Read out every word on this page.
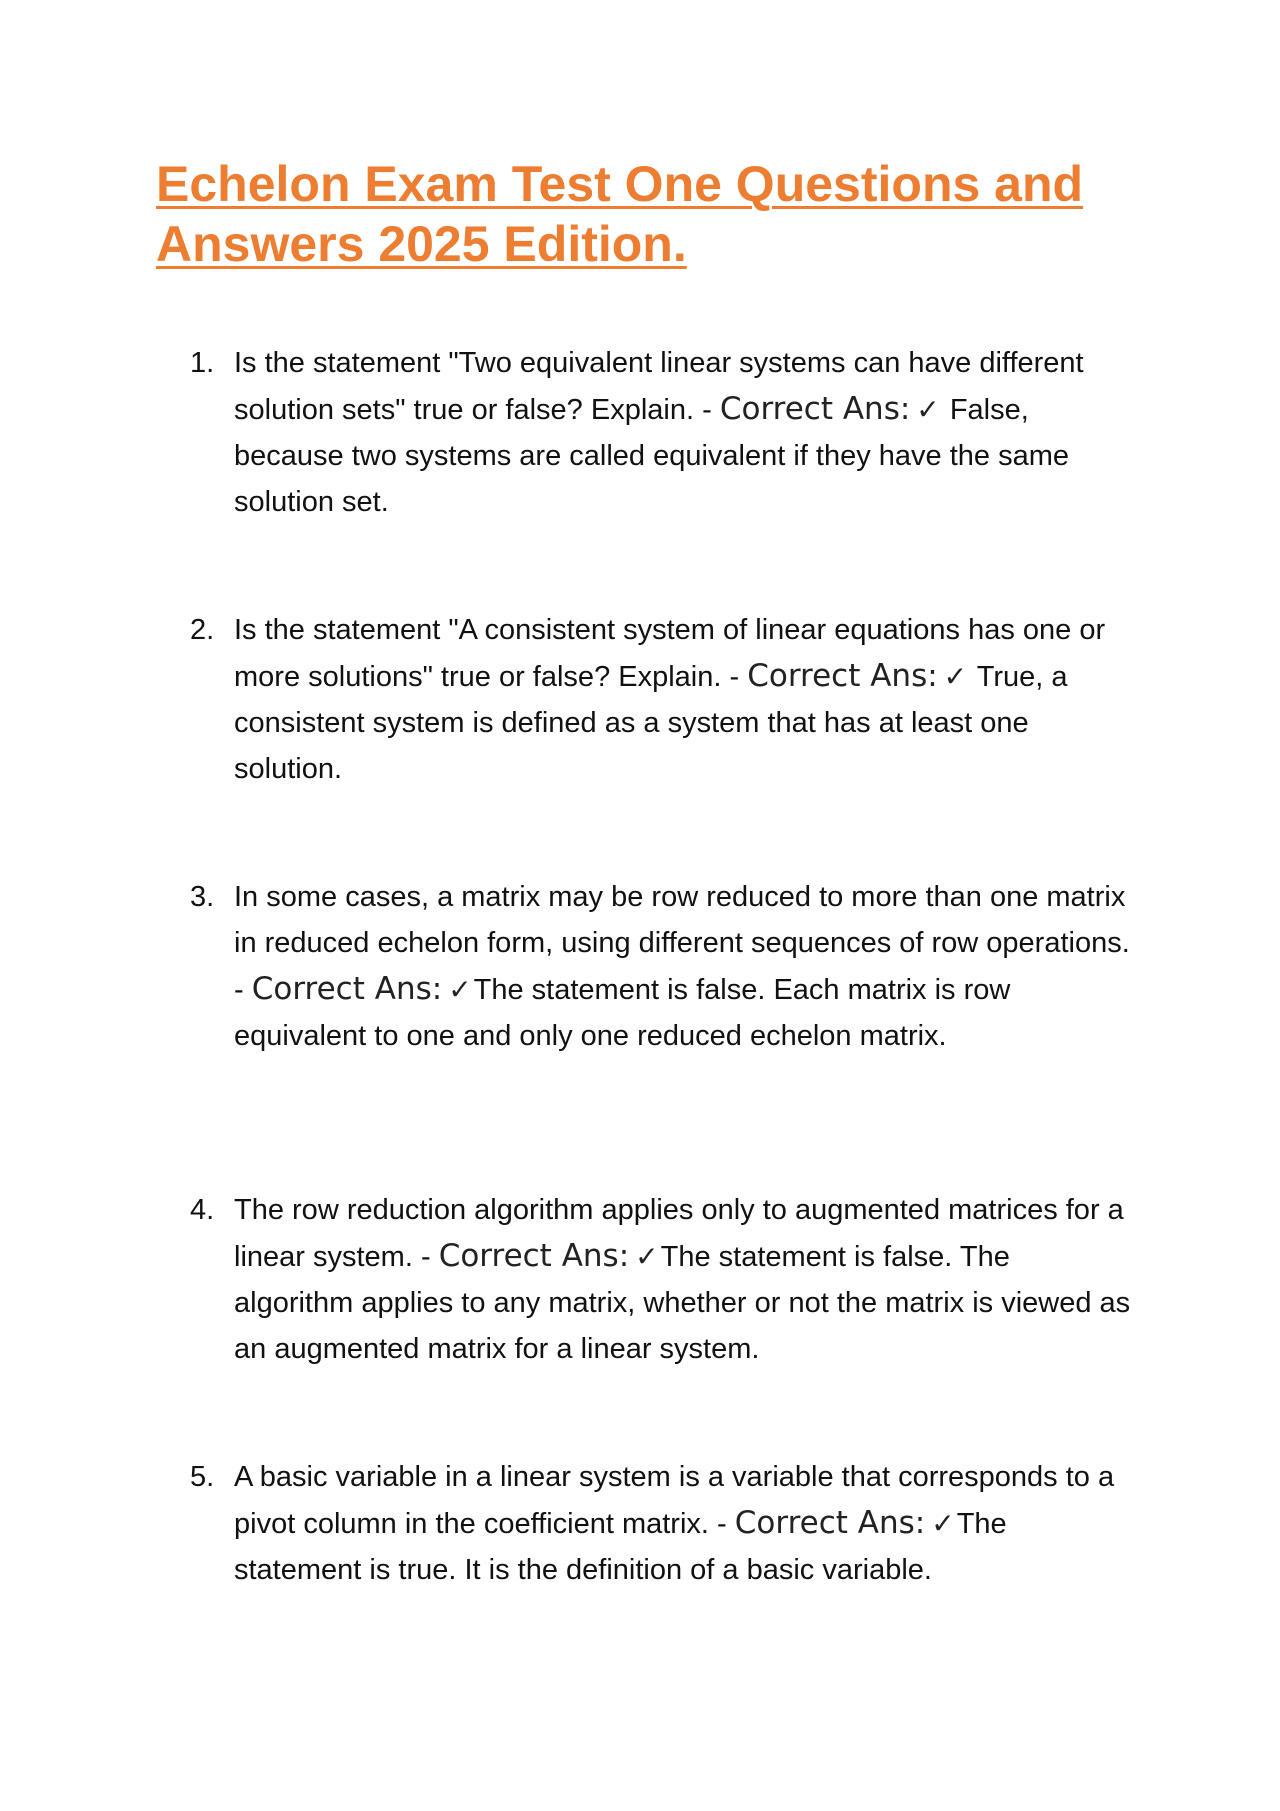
Echelon Exam Test One Questions and Answers 2025 Edition.
1. Is the statement "Two equivalent linear systems can have different solution sets" true or false? Explain. - Correct Ans: ✓ False, because two systems are called equivalent if they have the same solution set.
2. Is the statement "A consistent system of linear equations has one or more solutions" true or false? Explain. - Correct Ans: ✓ True, a consistent system is defined as a system that has at least one solution.
3. In some cases, a matrix may be row reduced to more than one matrix in reduced echelon form, using different sequences of row operations. - Correct Ans: ✓The statement is false. Each matrix is row equivalent to one and only one reduced echelon matrix.
4. The row reduction algorithm applies only to augmented matrices for a linear system. - Correct Ans: ✓The statement is false. The algorithm applies to any matrix, whether or not the matrix is viewed as an augmented matrix for a linear system.
5. A basic variable in a linear system is a variable that corresponds to a pivot column in the coefficient matrix. - Correct Ans: ✓The statement is true. It is the definition of a basic variable.
